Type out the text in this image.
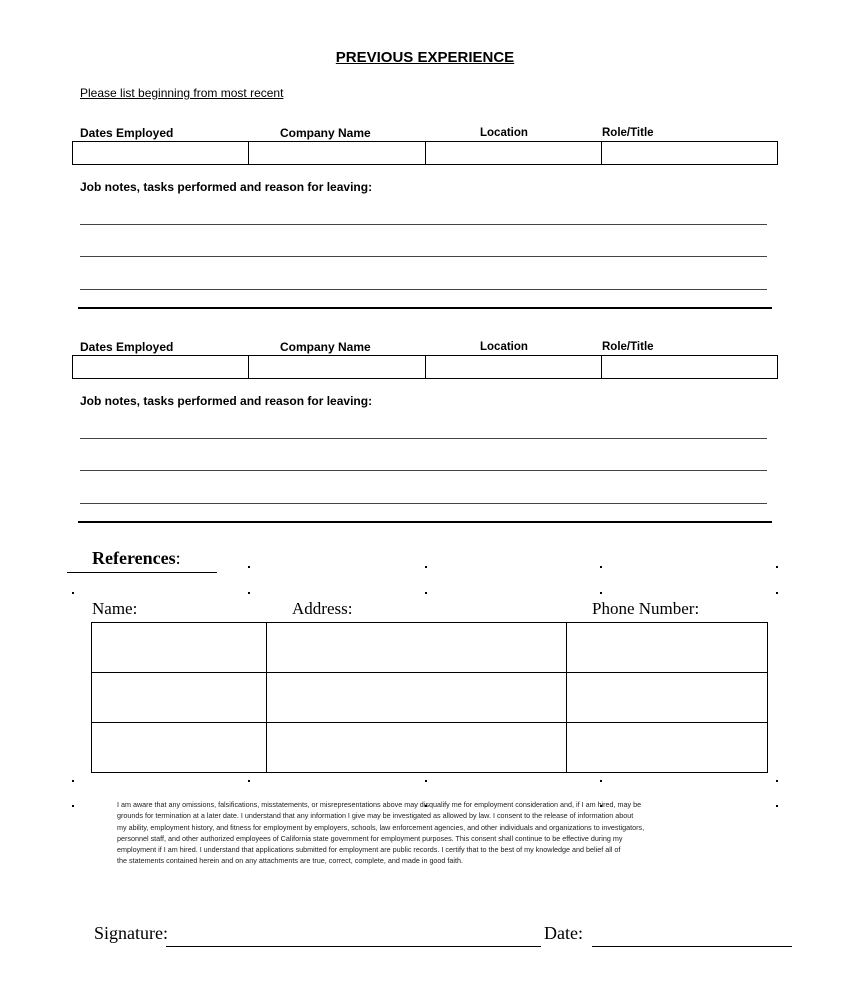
PREVIOUS EXPERIENCE
Please list beginning from most recent
Dates Employed	Company Name	Location	Role/Title

Job notes, tasks performed and reason for leaving:
Dates Employed	Company Name	Location	Role/Title

Job notes, tasks performed and reason for leaving:
References:
Name:	Address:	Phone Number:

I am aware that any omissions, falsifications, misstatements, or misrepresentations above may disqualify me for employment consideration and, if I am hired, may be
grounds for termination at a later date. I understand that any information I give may be investigated as allowed by law. I consent to the release of information about
my ability, employment history, and fitness for employment by employers, schools, law enforcement agencies, and other individuals and organizations to investigators,
personnel staff, and other authorized employees of California state government for employment purposes. This consent shall continue to be effective during my
employment if I am hired. I understand that applications submitted for employment are public records. I certify that to the best of my knowledge and belief all of
the statements contained herein and on any attachments are true, correct, complete, and made in good faith.
Signature:	Date:
